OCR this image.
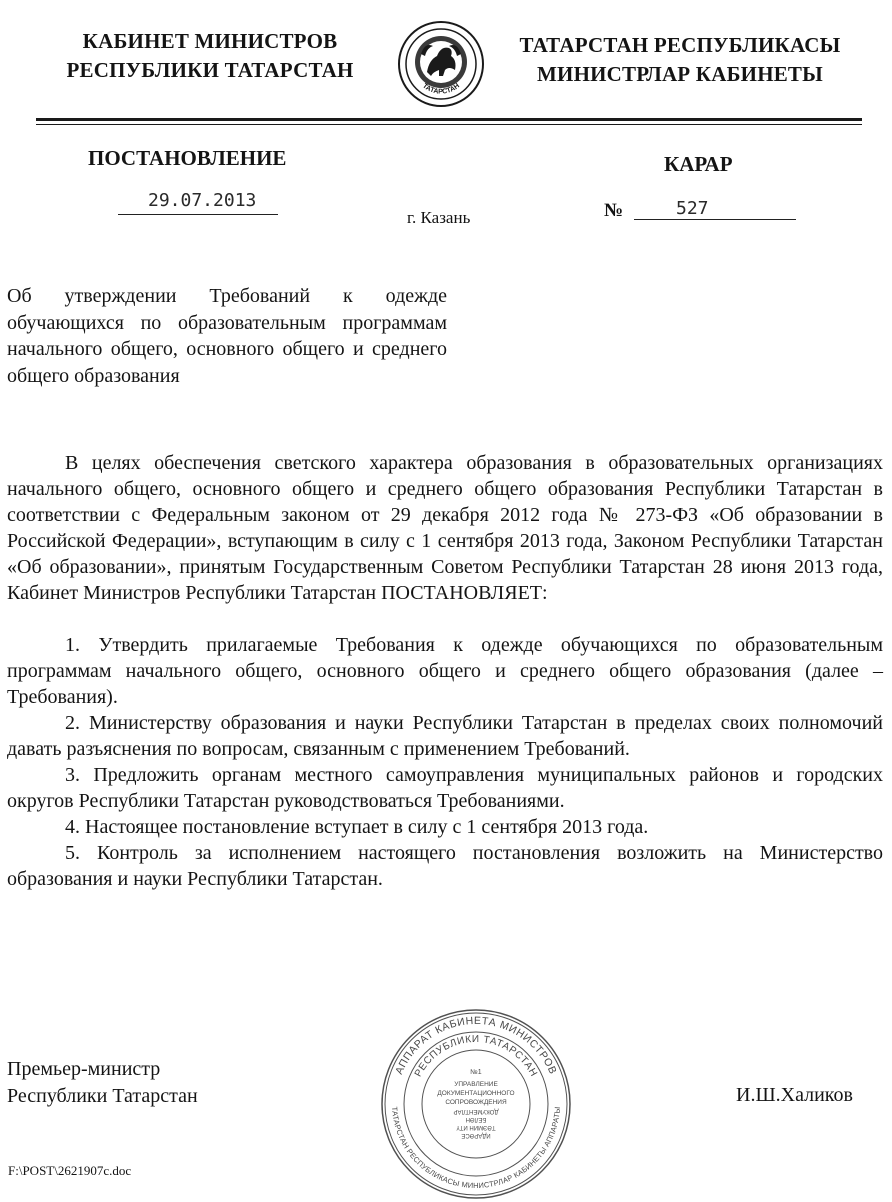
КАБИНЕТ МИНИСТРОВ
РЕСПУБЛИКИ ТАТАРСТАН
ТАТАРСТАН
ТАТАРСТАН РЕСПУБЛИКАСЫ
МИНИСТРЛАР КАБИНЕТЫ
ПОСТАНОВЛЕНИЕ	КАРАР
29.07.2013
г. Казань	№	527
Об утверждении Требований к одежде обучающихся по образовательным программам начального общего, основного общего и среднего общего образования

В целях обеспечения светского характера образования в образовательных организациях начального общего, основного общего и среднего общего образования Республики Татарстан в соответствии с Федеральным законом от 29 декабря 2012 года № 273-ФЗ «Об образовании в Российской Федерации», вступающим в силу с 1 сентября 2013 года, Законом Республики Татарстан «Об образовании», принятым Государственным Советом Республики Татарстан 28 июня 2013 года, Кабинет Министров Республики Татарстан ПОСТАНОВЛЯЕТ:

1. Утвердить прилагаемые Требования к одежде обучающихся по образовательным программам начального общего, основного общего и среднего общего образования (далее – Требования).

2. Министерству образования и науки Республики Татарстан в пределах своих полномочий давать разъяснения по вопросам, связанным с применением Требований.

3. Предложить органам местного самоуправления муниципальных районов и городских округов Республики Татарстан руководствоваться Требованиями.

4. Настоящее постановление вступает в силу с 1 сентября 2013 года.

5. Контроль за исполнением настоящего постановления возложить на Министерство образования и науки Республики Татарстан.

Премьер-министр
Республики Татарстан	И.Ш.Халиков
АППАРАТ КАБИНЕТА МИНИСТРОВ
РЕСПУБЛИКИ ТАТАРСТАН
ТАТАРСТАН РЕСПУБЛИКАСЫ МИНИСТРЛАР КАБИНЕТЫ АППАРАТЫ
№1
УПРАВЛЕНИЕ
ДОКУМЕНТАЦИОННОГО
СОПРОВОЖДЕНИЯ
ИДАРӘСЕ
ТӘЭМИН ИТҮ
БЕЛӘН
ДОКУМЕНТЛАР
F:\POST\2621907c.doc
